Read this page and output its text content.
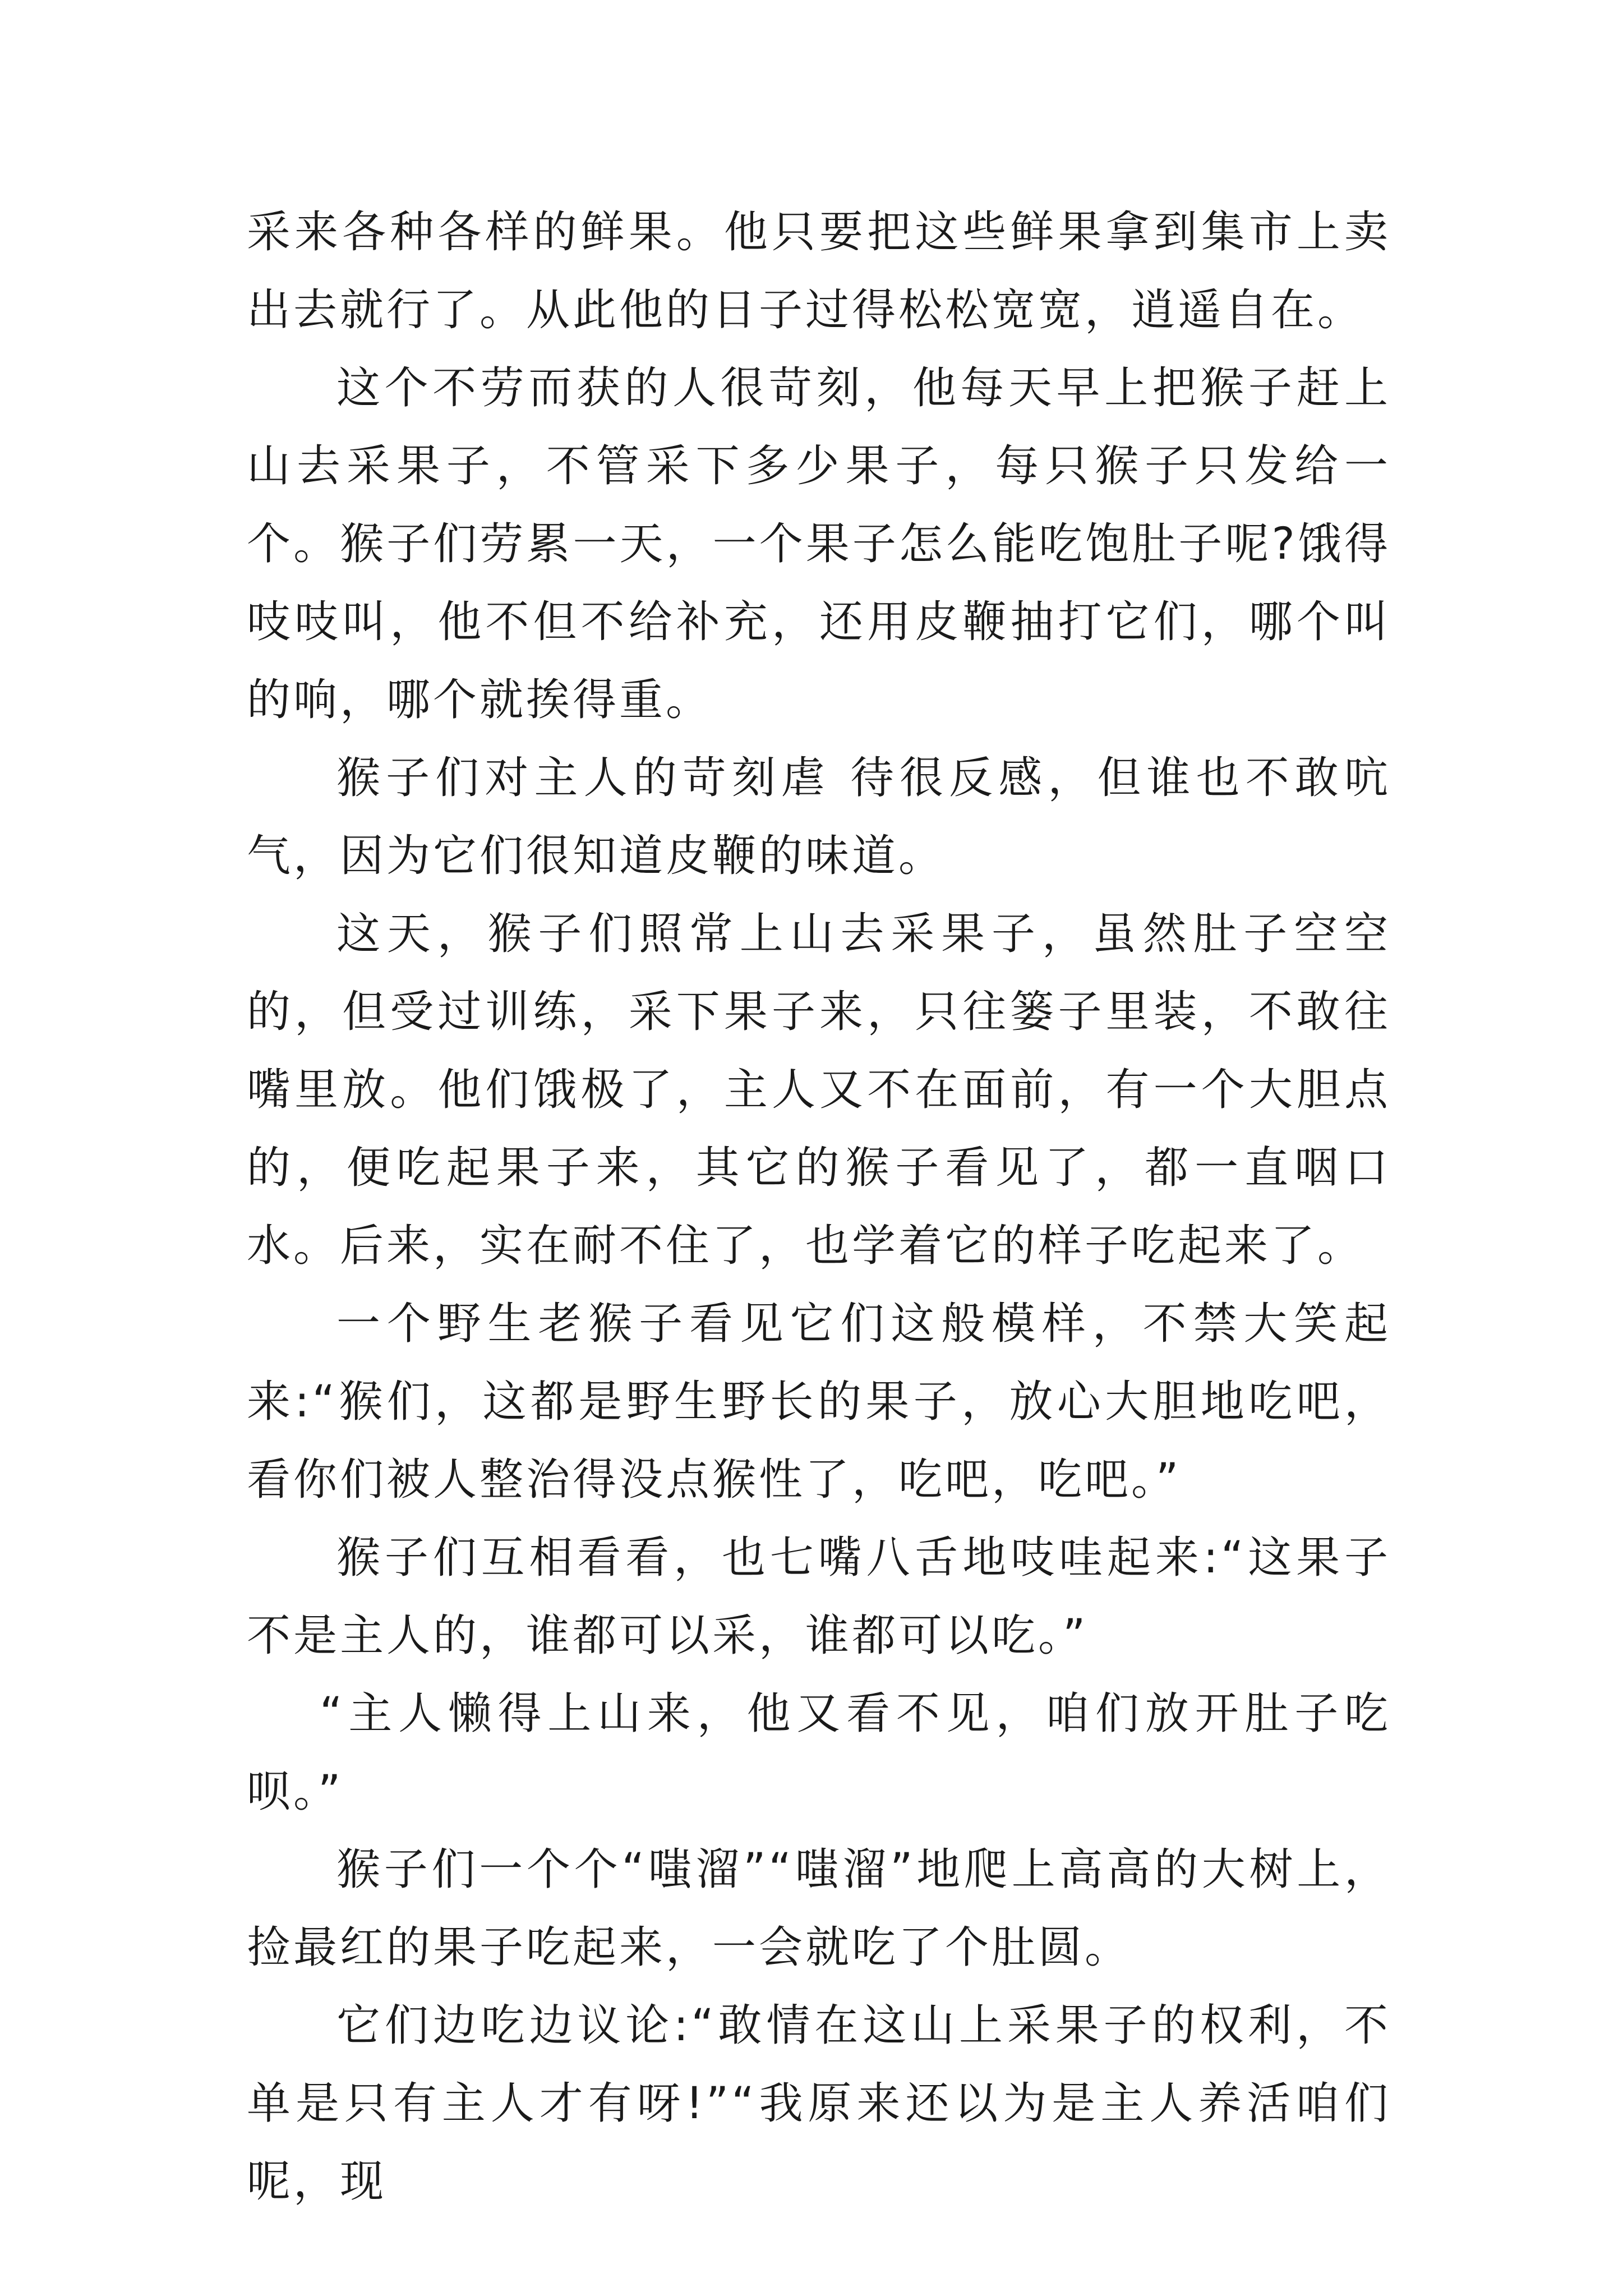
采来各种各样的鲜果。他只要把这些鲜果拿到集市上卖出去就行了。从此他的日子过得松松宽宽，逍遥自在。

这个不劳而获的人很苛刻，他每天早上把猴子赶上山去采果子，不管采下多少果子，每只猴子只发给一个。猴子们劳累一天，一个果子怎么能吃饱肚子呢?饿得吱吱叫，他不但不给补充，还用皮鞭抽打它们，哪个叫的响，哪个就挨得重。

猴子们对主人的苛刻虐 待很反感，但谁也不敢吭气，因为它们很知道皮鞭的味道。

这天，猴子们照常上山去采果子，虽然肚子空空的，但受过训练，采下果子来，只往篓子里装，不敢往嘴里放。他们饿极了，主人又不在面前，有一个大胆点的，便吃起果子来，其它的猴子看见了，都一直咽口水。后来，实在耐不住了，也学着它的样子吃起来了。

一个野生老猴子看见它们这般模样，不禁大笑起来:“猴们，这都是野生野长的果子，放心大胆地吃吧，看你们被人整治得没点猴性了，吃吧，吃吧。”

猴子们互相看看，也七嘴八舌地吱哇起来:“这果子不是主人的，谁都可以采，谁都可以吃。”

“主人懒得上山来，他又看不见，咱们放开肚子吃呗。”

猴子们一个个“嗤溜”“嗤溜”地爬上高高的大树上，捡最红的果子吃起来，一会就吃了个肚圆。

它们边吃边议论:“敢情在这山上采果子的权利，不单是只有主人才有呀!”“我原来还以为是主人养活咱们呢，现
